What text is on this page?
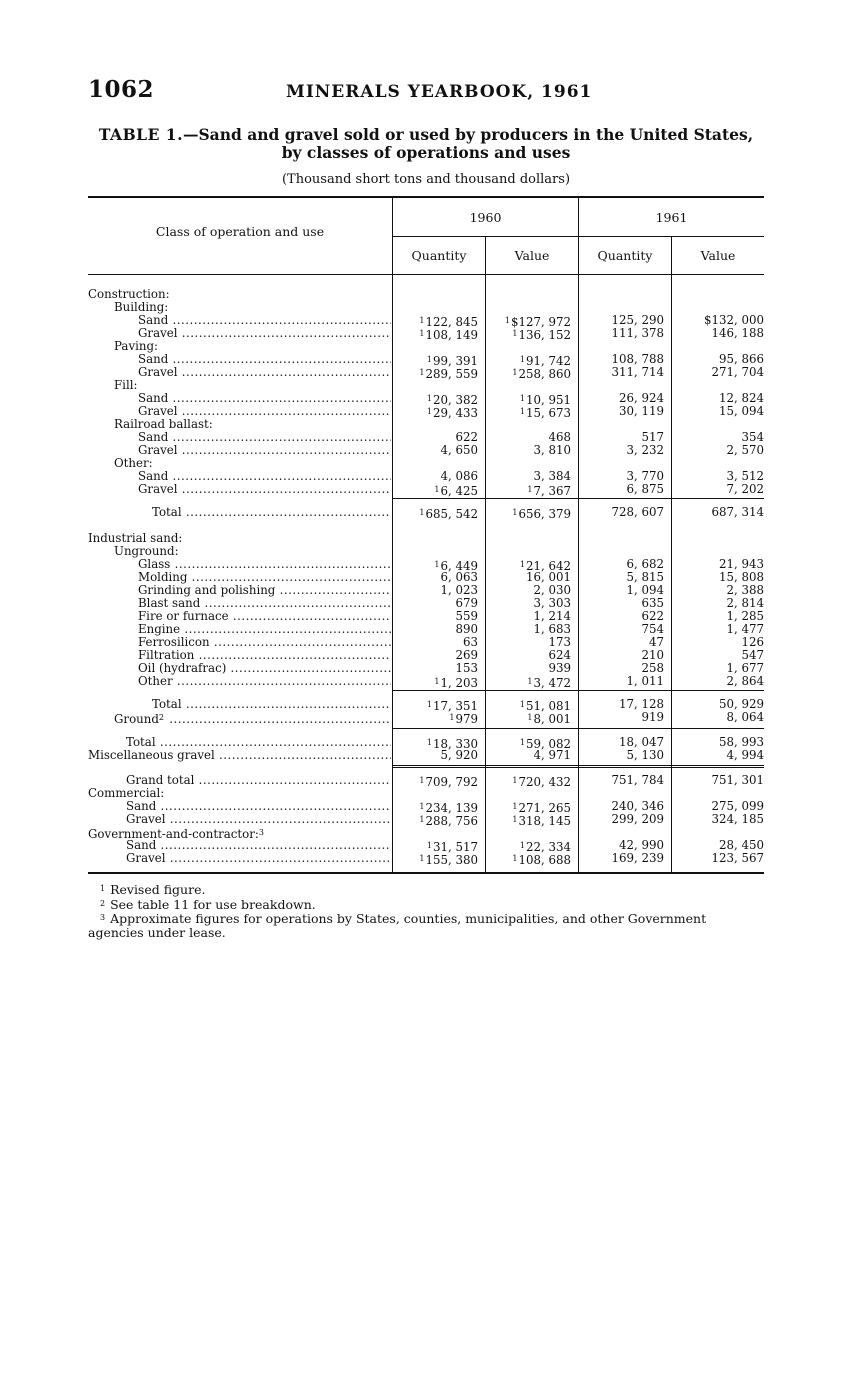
1062	MINERALS YEARBOOK, 1961
TABLE 1.—Sand and gravel sold or used by producers in the United States, by classes of operations and uses
(Thousand short tons and thousand dollars)
Class of operation and use
1960	1961
Quantity	Value	Quantity	Value
Construction:
Building:
Sand .....	$^1$122, 845	$^1$\$127, 972	125, 290	$132, 000
Gravel .....	$^1$108, 149	$^1$136, 152	111, 378	146, 188
Paving:
Sand .....	$^1$99, 391	$^1$91, 742	108, 788	95, 866
Gravel .....	$^1$289, 559	$^1$258, 860	311, 714	271, 704
Fill:
Sand .....	$^1$20, 382	$^1$10, 951	26, 924	12, 824
Gravel .....	$^1$29, 433	$^1$15, 673	30, 119	15, 094
Railroad ballast:
Sand .....	622	468	517	354
Gravel .....	4, 650	3, 810	3, 232	2, 570
Other:
Sand .....	4, 086	3, 384	3, 770	3, 512
Gravel .....	$^1$6, 425	$^1$7, 367	6, 875	7, 202
Total .....	$^1$685, 542	$^1$656, 379	728, 607	687, 314
Industrial sand:
Unground:
Glass .....	$^1$6, 449	$^1$21, 642	6, 682	21, 943
Molding .....	6, 063	16, 001	5, 815	15, 808
Grinding and polishing .....	1, 023	2, 030	1, 094	2, 388
Blast sand .....	679	3, 303	635	2, 814
Fire or furnace .....	559	1, 214	622	1, 285
Engine .....	890	1, 683	754	1, 477
Ferrosilicon .....	63	173	47	126
Filtration .....	269	624	210	547
Oil (hydrafrac) .....	153	939	258	1, 677
Other .....	$^1$1, 203	$^1$3, 472	1, 011	2, 864
Total .....	$^1$17, 351	$^1$51, 081	17, 128	50, 929
Ground$^2$ .....	$^1$979	$^1$8, 001	919	8, 064
Total .....	$^1$18, 330	$^1$59, 082	18, 047	58, 993
Miscellaneous gravel .....	5, 920	4, 971	5, 130	4, 994
Grand total .....	$^1$709, 792	$^1$720, 432	751, 784	751, 301
Commercial:
Sand .....	$^1$234, 139	$^1$271, 265	240, 346	275, 099
Gravel .....	$^1$288, 756	$^1$318, 145	299, 209	324, 185
Government-and-contractor:$^3$
Sand .....	$^1$31, 517	$^1$22, 334	42, 990	28, 450
Gravel .....	$^1$155, 380	$^1$108, 688	169, 239	123, 567
$^1$ Revised figure.
$^2$ See table 11 for use breakdown.
$^3$ Approximate figures for operations by States, counties, municipalities, and other Government agencies under lease.
